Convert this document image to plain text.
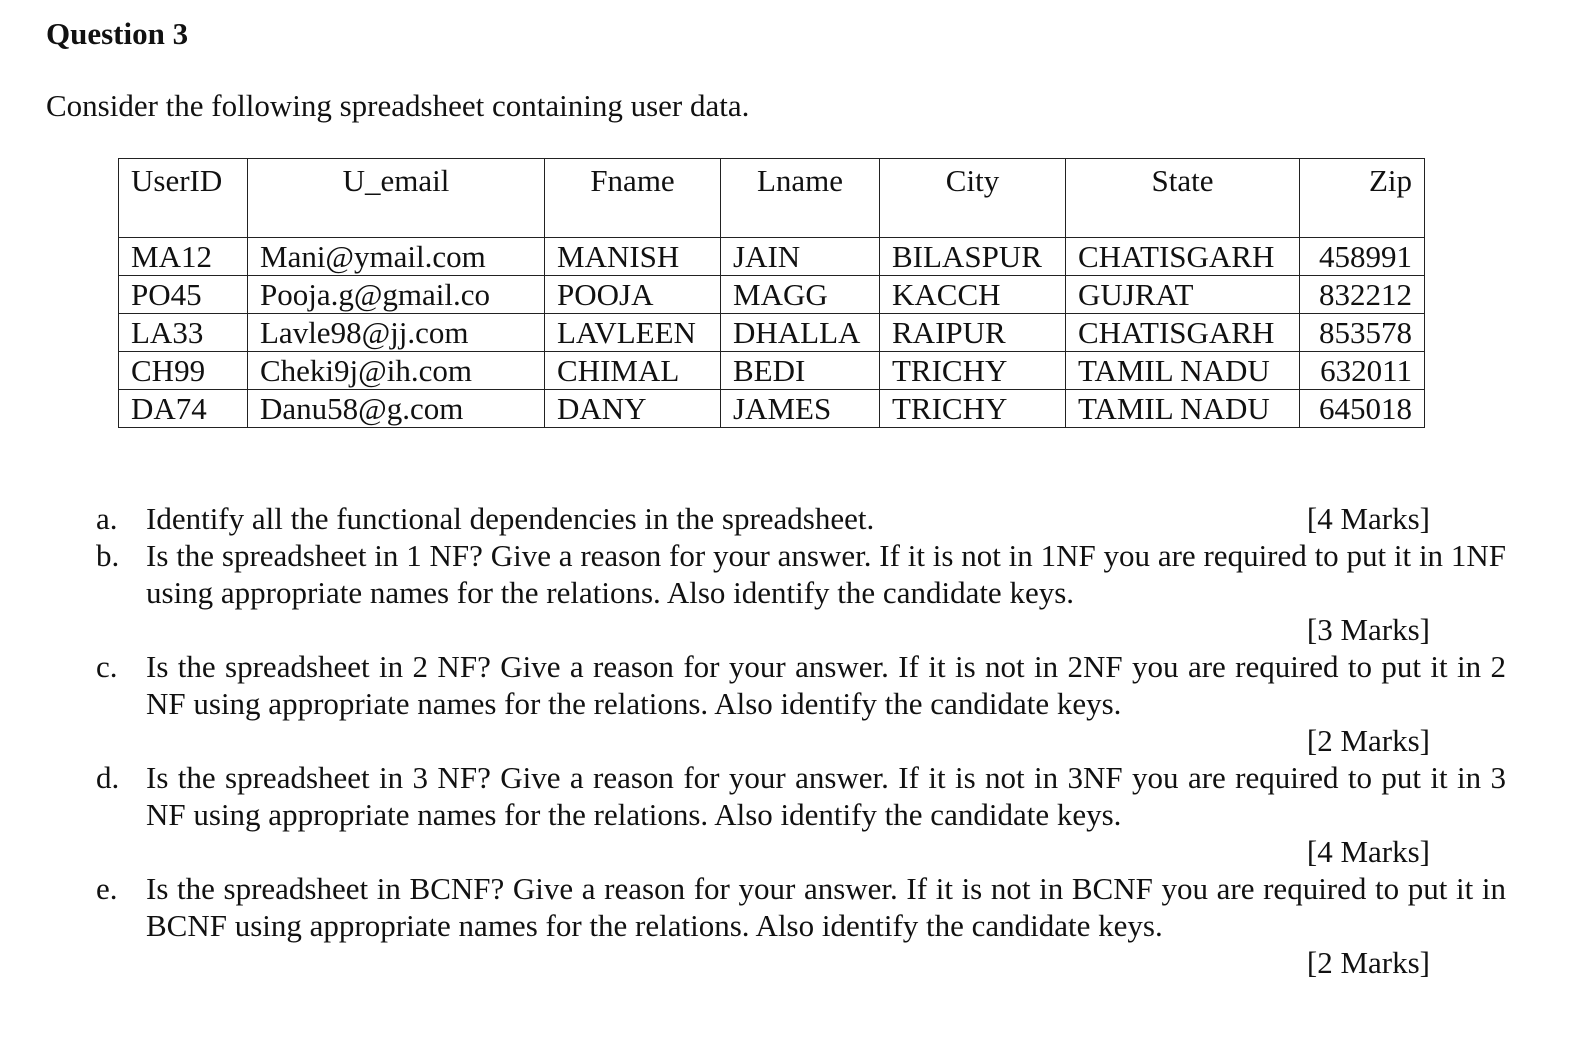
Question 3
Consider the following spreadsheet containing user data.
UserID	U_email	Fname	Lname	City	State	Zip
MA12	Mani@ymail.com	MANISH	JAIN	BILASPUR	CHATISGARH	458991
PO45	Pooja.g@gmail.co	POOJA	MAGG	KACCH	GUJRAT	832212
LA33	Lavle98@jj.com	LAVLEEN	DHALLA	RAIPUR	CHATISGARH	853578
CH99	Cheki9j@ih.com	CHIMAL	BEDI	TRICHY	TAMIL NADU	632011
DA74	Danu58@g.com	DANY	JAMES	TRICHY	TAMIL NADU	645018
a.	[4 Marks]
Identify all the functional dependencies in the spreadsheet.
b. Is the spreadsheet in 1 NF? Give a reason for your answer. If it is not in 1NF you are required to put it in 1NF using appropriate names for the relations. Also identify the candidate keys.
[3 Marks]
c. Is the spreadsheet in 2 NF? Give a reason for your answer. If it is not in 2NF you are required to put it in 2 NF using appropriate names for the relations. Also identify the candidate keys.
[2 Marks]
d. Is the spreadsheet in 3 NF? Give a reason for your answer. If it is not in 3NF you are required to put it in 3 NF using appropriate names for the relations. Also identify the candidate keys.
[4 Marks]
e. Is the spreadsheet in BCNF? Give a reason for your answer. If it is not in BCNF you are required to put it in BCNF using appropriate names for the relations. Also identify the candidate keys.
[2 Marks]
